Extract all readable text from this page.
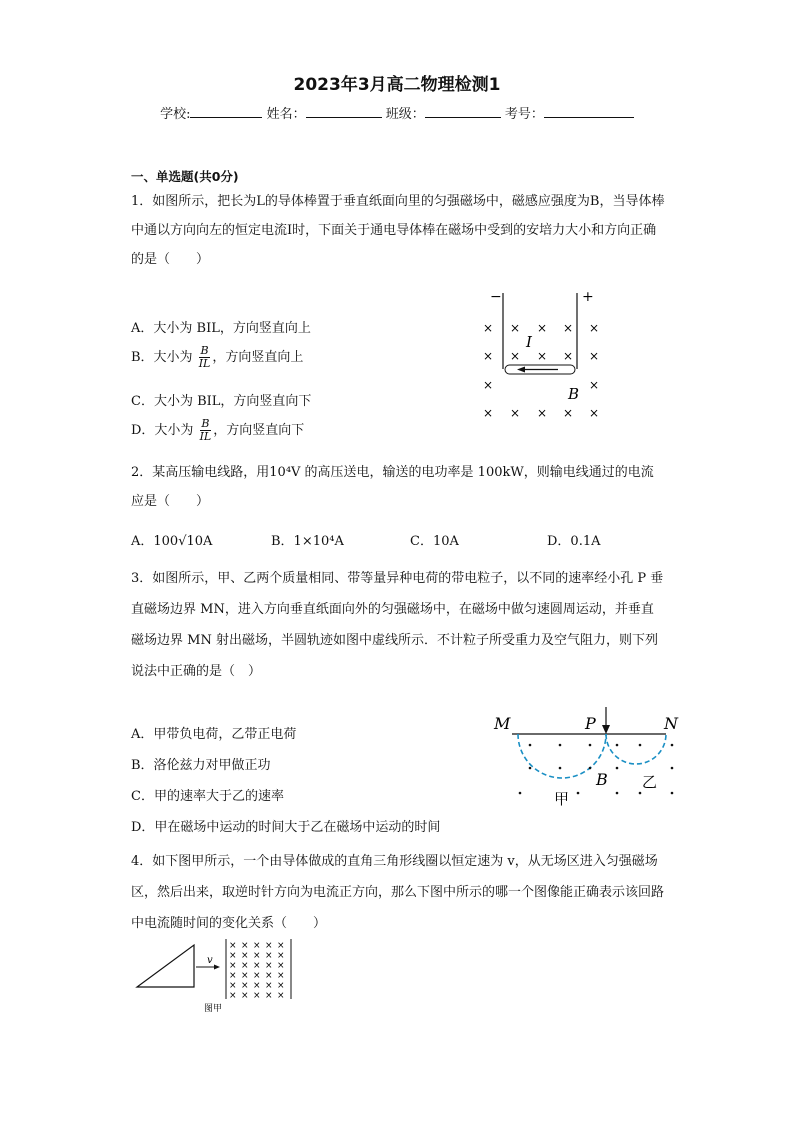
2023年3月高二物理检测1
学校:	姓名：	班级：	考号：
一、单选题(共0分)
1．如图所示，把长为L的导体棒置于垂直纸面向里的匀强磁场中，磁感应强度为B，当导体棒中通以方向向左的恒定电流I时，下面关于通电导体棒在磁场中受到的安培力大小和方向正确的是（　　）
A．大小为 BIL，方向竖直向上
B．大小为 $\frac{B}{IL}$ ，方向竖直向上
C．大小为 BIL，方向竖直向下
D．大小为 $\frac{B}{IL}$ ，方向竖直向下
−	+
I
B
× × × × ×
× × × × ×
×	×
× × × × ×
2．某高压输电线路，用10⁴V 的高压送电，输送的电功率是 100kW，则输电线通过的电流应是（　　）
A．100√10A	B．1×10⁴A	C．10A	D．0.1A
3．如图所示，甲、乙两个质量相同、带等量异种电荷的带电粒子，以不同的速率经小孔 P 垂直磁场边界 MN，进入方向垂直纸面向外的匀强磁场中，在磁场中做匀速圆周运动，并垂直磁场边界 MN 射出磁场，半圆轨迹如图中虚线所示．不计粒子所受重力及空气阻力，则下列说法中正确的是（　）
A．甲带负电荷，乙带正电荷
B．洛伦兹力对甲做正功
C．甲的速率大于乙的速率
D．甲在磁场中运动的时间大于乙在磁场中运动的时间
M	P	N
B
甲
乙
4．如下图甲所示，一个由导体做成的直角三角形线圈以恒定速为 v，从无场区进入匀强磁场区，然后出来，取逆时针方向为电流正方向，那么下图中所示的哪一个图像能正确表示该回路中电流随时间的变化关系（　　）
v
× × × × ×
× × × × ×
× × × × ×
× × × × ×
× × × × ×
× × × × ×
图甲
